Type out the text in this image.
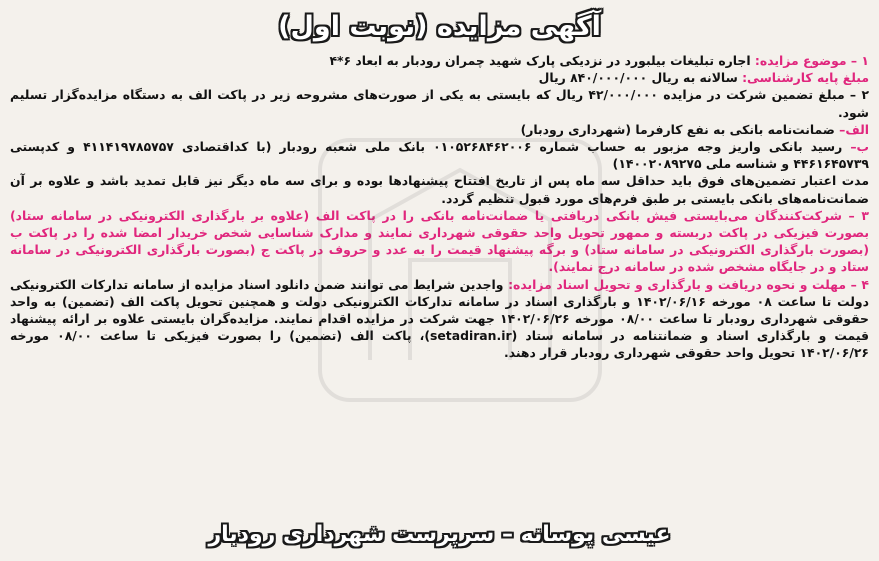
آگهی مزایده (نوبت اول)

۱ – موضوع مزایده: اجاره تبلیغات بیلبورد در نزدیکی پارک شهید چمران رودبار به ابعاد ۶*۴

مبلغ پایه کارشناسی: سالانه به ریال ۸۴۰/۰۰۰/۰۰۰ ریال

۲ – مبلغ تضمین شرکت در مزایده ۴۲/۰۰۰/۰۰۰ ریال که بایستی به یکی از صورت‌های مشروحه زیر در پاکت الف به دستگاه مزایده‌گزار تسلیم شود.

الف– ضمانت‌نامه بانکی به نفع کارفرما (شهرداری رودبار)

ب– رسید بانکی واریز وجه مزبور به حساب شماره ۰۱۰۵۲۶۸۴۶۲۰۰۶ بانک ملی شعبه رودبار (با کداقتصادی ۴۱۱۴۱۹۷۸۵۷۵۷ و کدپستی ۴۴۶۱۶۴۵۷۳۹ و شناسه ملی ۱۴۰۰۲۰۸۹۲۷۵)

مدت اعتبار تضمین‌های فوق باید حداقل سه ماه پس از تاریخ افتتاح پیشنهادها بوده و برای سه ماه دیگر نیز قابل تمدید باشد و علاوه بر آن ضمانت‌نامه‌های بانکی بایستی بر طبق فرم‌های مورد قبول تنظیم گردد.

۳ – شرکت‌کنندگان می‌بایستی فیش بانکی دریافتی یا ضمانت‌نامه بانکی را در پاکت الف (علاوه بر بارگذاری الکترونیکی در سامانه ستاد) بصورت فیزیکی در پاکت دربسته و ممهور تحویل واحد حقوقی شهرداری نمایند و مدارک شناسایی شخص خریدار امضا شده را در پاکت ب (بصورت بارگذاری الکترونیکی در سامانه ستاد) و برگه پیشنهاد قیمت را به عدد و حروف در پاکت ج (بصورت بارگذاری الکترونیکی در سامانه ستاد و در جایگاه مشخص شده در سامانه درج نمایند).

۴ – مهلت و نحوه دریافت و بارگذاری و تحویل اسناد مزایده: واجدین شرایط می توانند ضمن دانلود اسناد مزایده از سامانه تدارکات الکترونیکی دولت تا ساعت ۰۸ مورخه ۱۴۰۲/۰۶/۱۶ و بارگذاری اسناد در سامانه تدارکات الکترونیکی دولت و همچنین تحویل پاکت الف (تضمین) به واحد حقوقی شهرداری رودبار تا ساعت ۰۸/۰۰ مورخه ۱۴۰۲/۰۶/۲۶ جهت شرکت در مزایده اقدام نمایند. مزایده‌گران بایستی علاوه بر ارائه پیشنهاد قیمت و بارگذاری اسناد و ضمانتنامه در سامانه ستاد (setadiran.ir)، پاکت الف (تضمین) را بصورت فیزیکی تا ساعت ۰۸/۰۰ مورخه ۱۴۰۲/۰۶/۲۶ تحویل واحد حقوقی شهرداری رودبار قرار دهند.

عیسی پوسانه – سرپرست شهرداری رودبار
